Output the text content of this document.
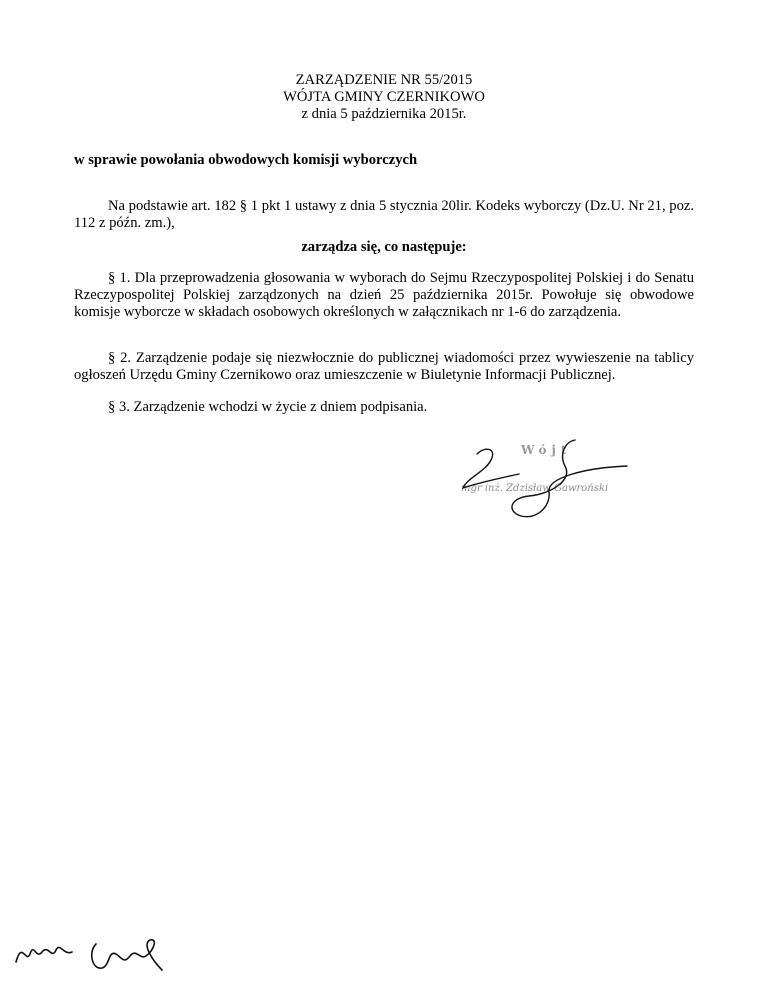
ZARZĄDZENIE NR 55/2015
WÓJTA GMINY CZERNIKOWO
z dnia 5 października 2015r.
w sprawie powołania obwodowych komisji wyborczych
Na podstawie art. 182 § 1 pkt 1 ustawy z dnia 5 stycznia 20lir. Kodeks wyborczy (Dz.U. Nr 21, poz. 112 z późn. zm.),
zarządza się, co następuje:
§ 1. Dla przeprowadzenia głosowania w wyborach do Sejmu Rzeczypospolitej Polskiej i do Senatu Rzeczypospolitej Polskiej zarządzonych na dzień 25 października 2015r. Powołuje się obwodowe komisje wyborcze w składach osobowych określonych w załącznikach nr 1-6 do zarządzenia.
§ 2. Zarządzenie podaje się niezwłocznie do publicznej wiadomości przez wywieszenie na tablicy ogłoszeń Urzędu Gminy Czernikowo oraz umieszczenie w Biuletynie Informacji Publicznej.
§ 3. Zarządzenie wchodzi w życie z dniem podpisania.
Wójt
mgr inż. Zdzisław Gawroński
